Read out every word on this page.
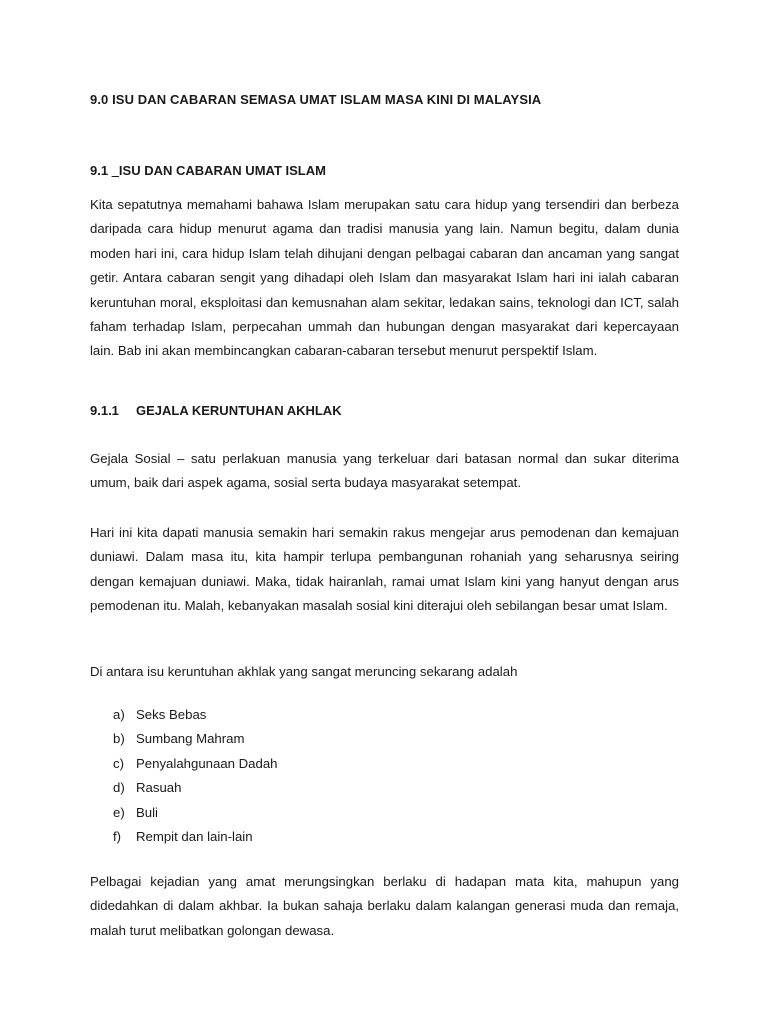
9.0 ISU DAN CABARAN SEMASA UMAT ISLAM MASA KINI DI MALAYSIA
9.1 _ISU DAN CABARAN UMAT ISLAM
Kita sepatutnya memahami bahawa Islam merupakan satu cara hidup yang tersendiri dan berbeza daripada cara hidup menurut agama dan tradisi manusia yang lain. Namun begitu, dalam dunia moden hari ini, cara hidup Islam telah dihujani dengan pelbagai cabaran dan ancaman yang sangat getir. Antara cabaran sengit yang dihadapi oleh Islam dan masyarakat Islam hari ini ialah cabaran keruntuhan moral, eksploitasi dan kemusnahan alam sekitar, ledakan sains, teknologi dan ICT, salah faham terhadap Islam, perpecahan ummah dan hubungan dengan masyarakat dari kepercayaan lain. Bab ini akan membincangkan cabaran-cabaran tersebut menurut perspektif Islam.
9.1.1 GEJALA KERUNTUHAN AKHLAK
Gejala Sosial – satu perlakuan manusia yang terkeluar dari batasan normal dan sukar diterima umum, baik dari aspek agama, sosial serta budaya masyarakat setempat.
Hari ini kita dapati manusia semakin hari semakin rakus mengejar arus pemodenan dan kemajuan duniawi. Dalam masa itu, kita hampir terlupa pembangunan rohaniah yang seharusnya seiring dengan kemajuan duniawi. Maka, tidak hairanlah, ramai umat Islam kini yang hanyut dengan arus pemodenan itu. Malah, kebanyakan masalah sosial kini diterajui oleh sebilangan besar umat Islam.
Di antara isu keruntuhan akhlak yang sangat meruncing sekarang adalah
a) Seks Bebas
b) Sumbang Mahram
c) Penyalahgunaan Dadah
d) Rasuah
e) Buli
f)	Rempit dan lain-lain
Pelbagai kejadian yang amat merungsingkan berlaku di hadapan mata kita, mahupun yang didedahkan di dalam akhbar. Ia bukan sahaja berlaku dalam kalangan generasi muda dan remaja, malah turut melibatkan golongan dewasa.
